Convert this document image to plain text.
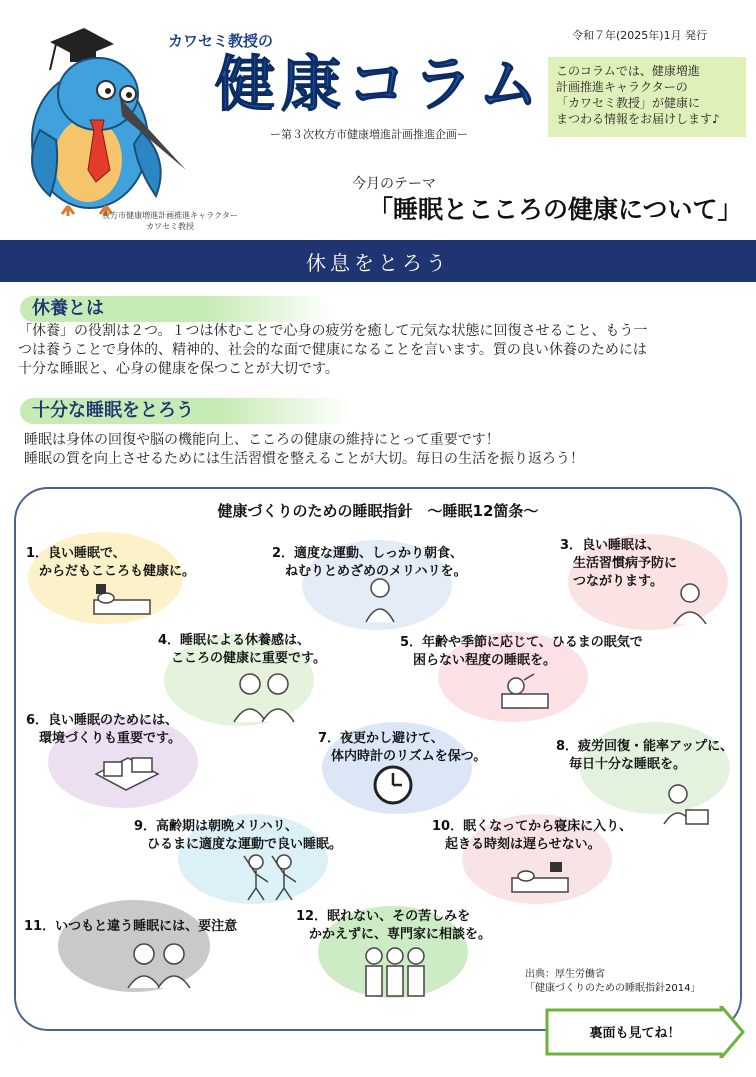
枚方市健康増進計画推進キャラクター
カワセミ教授
カワセミ教授の
健康コラム
ー第３次枚方市健康増進計画推進企画ー
令和７年(2025年)1月 発行
このコラムでは、健康増進
計画推進キャラクターの
「カワセミ教授」が健康に
まつわる情報をお届けします♪
今月のテーマ
「睡眠とこころの健康について」
休息をとろう
休養とは
「休養」の役割は２つ。１つは休むことで心身の疲労を癒して元気な状態に回復させること、もう一
つは養うことで身体的、精神的、社会的な面で健康になることを言います。質の良い休養のためには
十分な睡眠と、心身の健康を保つことが大切です。
十分な睡眠をとろう
睡眠は身体の回復や脳の機能向上、こころの健康の維持にとって重要です！
睡眠の質を向上させるためには生活習慣を整えることが大切。毎日の生活を振り返ろう！
健康づくりのための睡眠指針　～睡眠12箇条～
1．良い睡眠で、
　からだもこころも健康に。
2．適度な運動、しっかり朝食、
　ねむりとめざめのメリハリを。
3．良い睡眠は、
　生活習慣病予防に
　つながります。
4．睡眠による休養感は、
　こころの健康に重要です。
5．年齢や季節に応じて、ひるまの眠気で
　困らない程度の睡眠を。
6．良い睡眠のためには、
　環境づくりも重要です。	7．夜更かし避けて、
　体内時計のリズムを保つ。
8．疲労回復・能率アップに、
　毎日十分な睡眠を。
9．高齢期は朝晩メリハリ、
　ひるまに適度な運動で良い睡眠。
10．眠くなってから寝床に入り、
　起きる時刻は遅らせない。
11．いつもと違う睡眠には、要注意
12．眠れない、その苦しみを
　かかえずに、専門家に相談を。
出典：厚生労働省
「健康づくりのための睡眠指針2014」
裏面も見てね！
